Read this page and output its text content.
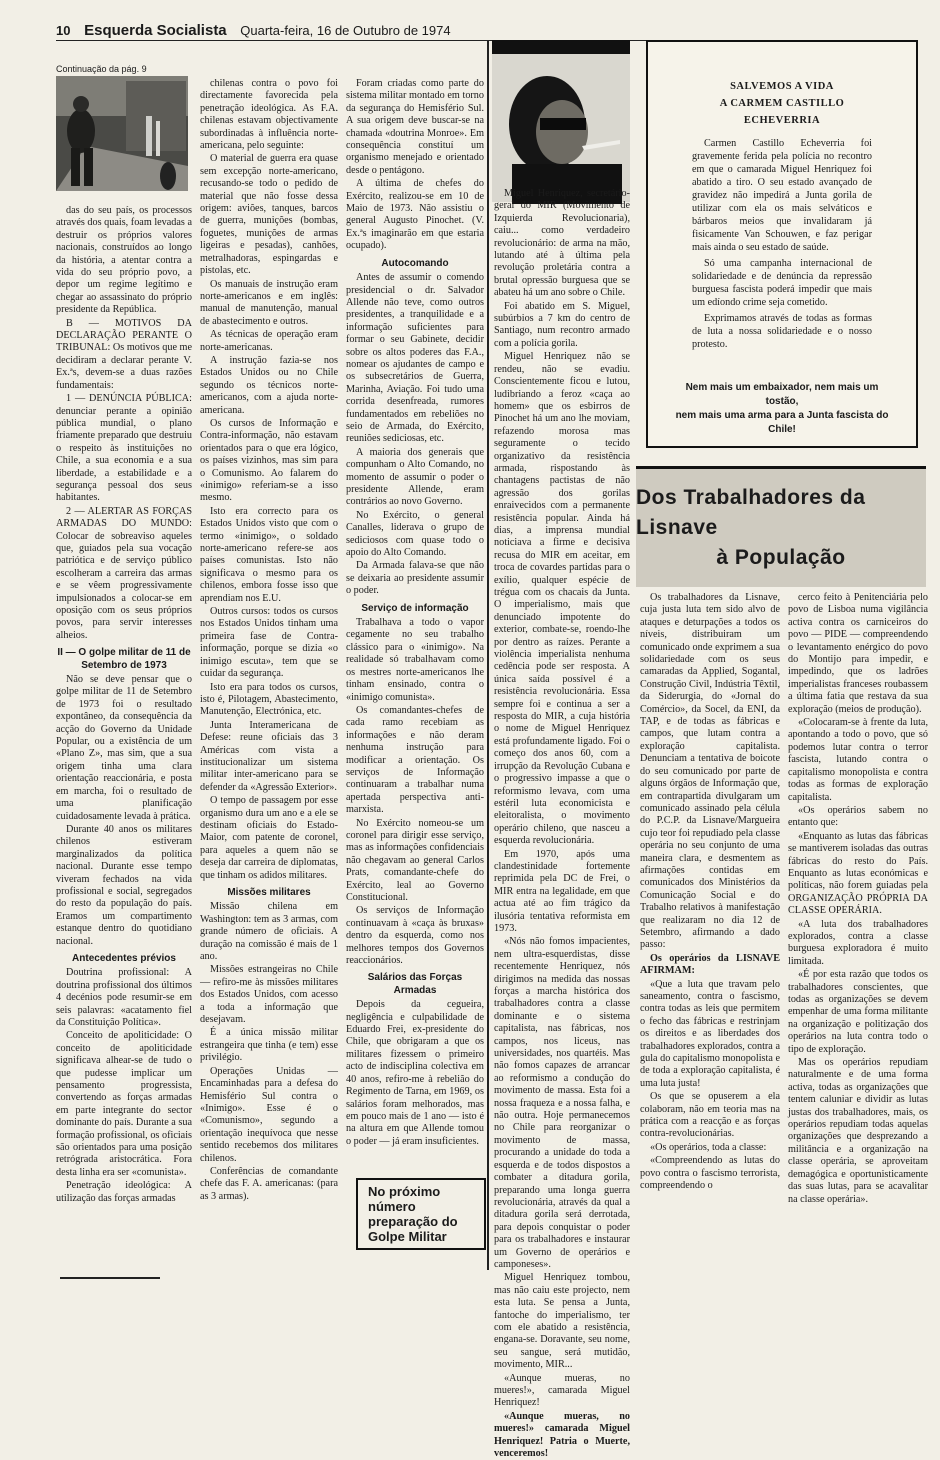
10 Esquerda Socialista Quarta-feira, 16 de Outubro de 1974
Continuação da pág. 9

das do seu país, os processos através dos quais, foam levadas a destruir os próprios valores nacionais, construídos ao longo da história, a atentar contra a vida do seu próprio povo, a depor um regime legítimo e chegar ao assassinato do próprio presidente da República.

B — MOTIVOS DA DECLARAÇÃO PERANTE O TRIBUNAL: Os motivos que me decidiram a declarar perante V. Ex.ªs, devem-se a duas razões fundamentais:

1 — DENÚNCIA PÚBLICA: denunciar perante a opinião pública mundial, o plano friamente preparado que destruiu o respeito às instituições no Chile, a sua economia e a sua liberdade, a estabilidade e a segurança pessoal dos seus habitantes.

2 — ALERTAR AS FORÇAS ARMADAS DO MUNDO: Colocar de sobreaviso aqueles que, guiados pela sua vocação patriótica e de serviço público escolheram a carreira das armas e se vêem progressivamente impulsionados a colocar-se em oposição com os seus próprios povos, para servir interesses alheios.

II — O golpe militar de 11 de Setembro de 1973

Não se deve pensar que o golpe militar de 11 de Setembro de 1973 foi o resultado expontâneo, da consequência da acção do Governo da Unidade Popular, ou a existência de um «Plano Z», mas sim, que a sua origem tinha uma clara orientação reaccionária, e posta em marcha, foi o resultado de uma planificação cuidadosamente levada à prática.

Durante 40 anos os militares chilenos estiveram marginalizados da política nacional. Durante esse tempo viveram fechados na vida profissional e social, segregados do resto da população do país. Eramos um compartimento estanque dentro do quotidiano nacional.

Antecedentes prévios

Doutrina profissional: A doutrina profissional dos últimos 4 decénios pode resumir-se em seis palavras: «acatamento fiel da Constituição Política».

Conceito de apoliticidade: O conceito de apoliticidade significava alhear-se de tudo o que pudesse implicar um pensamento progressista, convertendo as forças armadas em parte integrante do sector dominante do país. Durante a sua formação profissional, os oficiais são orientados para uma posição retrógrada aristocrática. Fora desta linha era ser «comunista».

Penetração ideológica: A utilização das forças armadas

chilenas contra o povo foi directamente favorecida pela penetração ideológica. As F.A. chilenas estavam objectivamente subordinadas à influência norte-americana, pelo seguinte:

O material de guerra era quase sem excepção norte-americano, recusando-se todo o pedido de material que não fosse dessa origem: aviões, tanques, barcos de guerra, munições (bombas, foguetes, munições de armas ligeiras e pesadas), canhões, metralhadoras, espingardas e pistolas, etc.

Os manuais de instrução eram norte-americanos e em inglês: manual de manutenção, manual de abastecimento e outros.

As técnicas de operação eram norte-americanas.

A instrução fazia-se nos Estados Unidos ou no Chile segundo os técnicos norte-americanos, com a ajuda norte-americana.

Os cursos de Informação e Contra-informação, não estavam orientados para o que era lógico, os países vizinhos, mas sim para o Comunismo. Ao falarem do «inimigo» referiam-se a isso mesmo.

Isto era correcto para os Estados Unidos visto que com o termo «inimigo», o soldado norte-americano refere-se aos países comunistas. Isto não significava o mesmo para os chilenos, embora fosse isso que aprendiam nos E.U.

Outros cursos: todos os cursos nos Estados Unidos tinham uma primeira fase de Contra-informação, porque se dizia «o inimigo escuta», tem que se cuidar da segurança.

Isto era para todos os cursos, isto é, Pilotagem, Abastecimento, Manutenção, Electrónica, etc.

Junta Interamericana de Defese: reune oficiais das 3 Américas com vista a institucionalizar um sistema militar inter-americano para se defender da «Agressão Exterior».

O tempo de passagem por esse organismo dura um ano e a ele se destinam oficiais do Estado-Maior, com patente de coronel, para aqueles a quem não se deseja dar carreira de diplomatas, que tinham os adidos militares.

Missões militares

Missão chilena em Washington: tem as 3 armas, com grande número de oficiais. A duração na comissão é mais de 1 ano.

Missões estrangeiras no Chile — refiro-me às missões militares dos Estados Unidos, com acesso a toda a informação que desejavam.

É a única missão militar estrangeira que tinha (e tem) esse privilégio.

Operações Unidas — Encaminhadas para a defesa do Hemisfério Sul contra o «Inimigo». Esse é o «Comunismo», segundo a orientação inequívoca que nesse sentido recebemos dos militares chilenos.

Conferências de comandante chefe das F. A. americanas: (para as 3 armas).

Foram criadas como parte do sistema militar montado em torno da segurança do Hemisfério Sul. A sua origem deve buscar-se na chamada «doutrina Monroe». Em consequência constituí um organismo menejado e orientado desde o pentágono.

A última de chefes do Exército, realizou-se em 10 de Maio de 1973. Não assistiu o general Augusto Pinochet. (V. Ex.ªs imaginarão em que estaria ocupado).

Autocomando

Antes de assumir o comendo presidencial o dr. Salvador Allende não teve, como outros presidentes, a tranquilidade e a informação suficientes para formar o seu Gabinete, decidir sobre os altos poderes das F.A., nomear os ajudantes de campo e os subsecretários de Guerra, Marinha, Aviação. Foi tudo uma corrida desenfreada, rumores fundamentados em rebeliões no seio de Armada, do Exército, reuniões sediciosas, etc.

A maioria dos generais que compunham o Alto Comando, no momento de assumir o poder o presidente Allende, eram contrários ao novo Governo.

No Exército, o general Canalles, liderava o grupo de sediciosos com quase todo o apoio do Alto Comando.

Da Armada falava-se que não se deixaria ao presidente assumir o poder.

Serviço de informação

Trabalhava a todo o vapor cegamente no seu trabalho clássico para o «inimigo». Na realidade só trabalhavam como os mestres norte-americanos lhe tinham ensinado, contra o «inimigo comunista».

Os comandantes-chefes de cada ramo recebiam as informações e não deram nenhuma instrução para modificar a orientação. Os serviços de Informação continuaram a trabalhar numa apertada perspectiva anti-marxista.

No Exército nomeou-se um coronel para dirigir esse serviço, mas as informações confidenciais não chegavam ao general Carlos Prats, comandante-chefe do Exército, leal ao Governo Constitucional.

Os serviços de Informação continuavam à «caça às bruxas» dentro da esquerda, como nos melhores tempos dos Governos reaccionários.

Salários das Forças Armadas

Depois da cegueira, negligência e culpabilidade de Eduardo Frei, ex-presidente do Chile, que obrigaram a que os militares fizessem o primeiro acto de indisciplina colectiva em 40 anos, refiro-me à rebelião do Regimento de Tarna, em 1969, os salários foram melhorados, mas em pouco mais de 1 ano — isto é na altura em que Allende tomou o poder — já eram insuficientes.

No próximo número preparação do Golpe Militar

Miguel Henriquez, secretário-geral do MIR (Movimento de Izquierda Revolucionaria), caiu... como verdadeiro revolucionário: de arma na mão, lutando até à última pela revolução proletária contra a brutal opressão burguesa que se abateu há um ano sobre o Chile.

Foi abatido em S. Miguel, subúrbios a 7 km do centro de Santiago, num recontro armado com a polícia gorila.

Miguel Henriquez não se rendeu, não se evadiu. Conscientemente ficou e lutou, ludibriando a feroz «caça ao homem» que os esbirros de Pinochet há um ano lhe moviam, refazendo morosa mas seguramente o tecido organizativo da resistência armada, rispostando às chantagens pactistas de não agressão dos gorilas enraivecidos com a permanente resistência popular. Ainda há dias, a imprensa mundial noticiava a firme e decisiva recusa do MIR em aceitar, em troca de covardes partidas para o exílio, qualquer espécie de trégua com os chacais da Junta. O imperialismo, mais que denunciado impotente do exterior, combate-se, roendo-lhe por dentro as raízes. Perante a violência imperialista nenhuma cedência pode ser resposta. A única saída possível é a resistência revolucionária. Essa sempre foi e continua a ser a resposta do MIR, a cuja história o nome de Miguel Henriquez está profundamente ligado. Foi o começo dos anos 60, com a irrupção da Revolução Cubana e o progressivo impasse a que o reformismo levava, com uma estéril luta economicista e eleitoralista, o movimento operário chileno, que nasceu a esquerda revolucionária.

Em 1970, após uma clandestinidade fortemente reprimida pela DC de Frei, o MIR entra na legalidade, em que actua até ao fim trágico da ilusória tentativa reformista em 1973.

«Nós não fomos impacientes, nem ultra-esquerdistas, disse recentemente Henriquez, nós dirigimos na medida das nossas forças a marcha histórica dos trabalhadores contra a classe dominante e o sistema capitalista, nas fábricas, nos campos, nos liceus, nas universidades, nos quartéis. Mas não fomos capazes de arrancar ao reformismo a condução do movimento de massa. Esta foi a nossa fraqueza e a nossa falha, e não outra. Hoje permanecemos no Chile para reorganizar o movimento de massa, procurando a unidade do toda a esquerda e de todos dispostos a combater a ditadura gorila, preparando uma longa guerra revolucionária, através da qual a ditadura gorila será derrotada, para depois conquistar o poder para os trabalhadores e instaurar um Governo de operários e camponeses».

Miguel Henriquez tombou, mas não caiu este projecto, nem esta luta. Se pensa a Junta, fantoche do imperialismo, ter com ele abatido a resistência, engana-se. Doravante, seu nome, seu sangue, será mutidão, movimento, MIR...

«Aunque mueras, no mueres!», camarada Miguel Henriquez!

«Aunque mueras, no mueres!» camarada Miguel Henriquez! Patria o Muerte, venceremos!

SALVEMOS A VIDA
A CARMEM CASTILLO
ECHEVERRIA

Carmen Castillo Echeverria foi gravemente ferida pela polícia no recontro em que o camarada Miguel Henriquez foi abatido a tiro. O seu estado avançado de gravidez não impedirá a Junta gorila de utilizar com ela os mais selváticos e bárbaros meios que invalidaram já fisicamente Van Schouwen, e faz perigar mais ainda o seu estado de saúde.

Só uma campanha internacional de solidariedade e de denúncia da repressão burguesa fascista poderá impedir que mais um edíondo crime seja cometido.

Exprimamos através de todas as formas de luta a nossa solidariedade e o nosso protesto.

Nem mais um embaixador, nem mais um tostão,
nem mais uma arma para a Junta fascista do Chile!
Dos Trabalhadores da Lisnave
à População

Os trabalhadores da Lisnave, cuja justa luta tem sido alvo de ataques e deturpações a todos os níveis, distribuiram um comunicado onde exprimem a sua solidariedade com os seus camaradas da Applied, Sogantal, Construção Civil, Indústria Têxtil, da Siderurgia, do «Jornal do Comércio», da Socel, da ENI, da TAP, e de todas as fábricas e campos, que lutam contra a exploração capitalista. Denunciam a tentativa de boicote do seu comunicado por parte de alguns órgãos de Informação que, em contrapartida divulgaram um comunicado assinado pela célula do P.C.P. da Lisnave/Margueira cujo teor foi repudiado pela classe operária no seu conjunto de uma maneira clara, e desmentem as afirmações contidas em comunicados dos Ministérios da Comunicação Social e do Trabalho relativos à manifestação que realizaram no dia 12 de Setembro, afirmando a dado passo:

Os operários da LISNAVE AFIRMAM:

«Que a luta que travam pelo saneamento, contra o fascismo, contra todas as leis que permitem o fecho das fábricas e restrinjam os direitos e as liberdades dos trabalhadores explorados, contra a gula do capitalismo monopolista e de toda a exploração capitalista, é uma luta justa!

Os que se opuserem a ela colaboram, não em teoria mas na prática com a reacção e as forças contra-revolucionárias.

«Os operários, toda a classe:

«Compreendendo as lutas do povo contra o fascismo terrorista, compreendendo o

cerco feito à Penitenciária pelo povo de Lisboa numa vigilância activa contra os carniceiros do povo — PIDE — compreendendo o levantamento enérgico do povo do Montijo para impedir, e impedindo, que os ladrões imperialistas franceses roubassem a última fatia que restava da sua exploração (meios de produção).

«Colocaram-se à frente da luta, apontando a todo o povo, que só podemos lutar contra o terror fascista, lutando contra o capitalismo monopolista e contra todas as formas de exploração capitalista.

«Os operários sabem no entanto que:

«Enquanto as lutas das fábricas se mantiverem isoladas das outras fábricas do resto do País. Enquanto as lutas económicas e políticas, não forem guiadas pela ORGANIZAÇÃO PRÓPRIA DA CLASSE OPERÁRIA.

«A luta dos trabalhadores explorados, contra a classe burguesa exploradora é muito limitada.

«É por esta razão que todos os trabalhadores conscientes, que todas as organizações se devem empenhar de uma forma militante na organização e politização dos operários na luta contra todo o tipo de exploração.

Mas os operários repudiam naturalmente e de uma forma activa, todas as organizações que tentem caluniar e dividir as lutas justas dos trabalhadores, mais, os operários repudiam todas aquelas organizações que desprezando a militância e a organização na classe operária, se aproveitam demagógica e oportunisticamente das suas lutas, para se acavalitar na classe operária».
